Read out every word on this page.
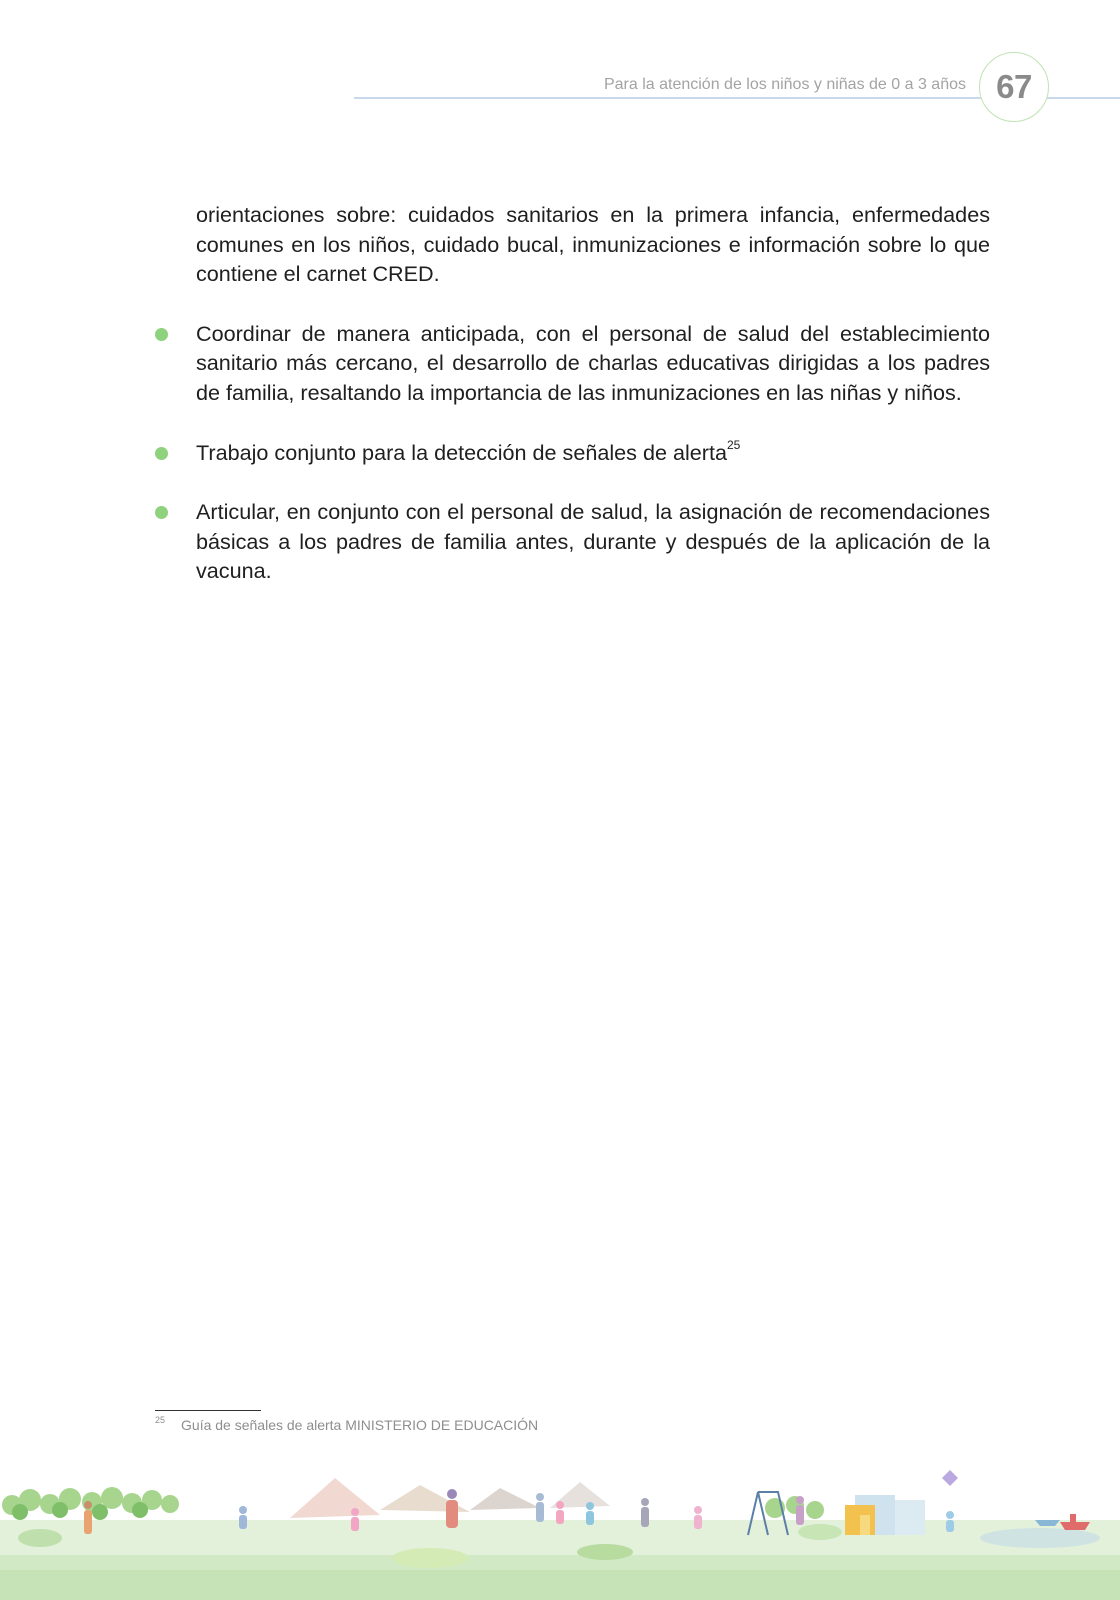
Para la atención de los niños y niñas de 0 a 3 años 67

orientaciones sobre: cuidados sanitarios en la primera infancia, enfermedades comunes en los niños, cuidado bucal, inmunizaciones e información sobre lo que contiene el carnet CRED.

Coordinar de manera anticipada, con el personal de salud del establecimiento sanitario más cercano, el desarrollo de charlas educativas dirigidas a los padres de familia, resaltando la importancia de las inmunizaciones en las niñas y niños.
Trabajo conjunto para la detección de señales de alerta$^{25}$
Articular, en conjunto con el personal de salud, la asignación de recomendaciones básicas a los padres de familia antes, durante y después de la aplicación de la vacuna.
$^{25}$ Guía de señales de alerta MINISTERIO DE EDUCACIÓN
